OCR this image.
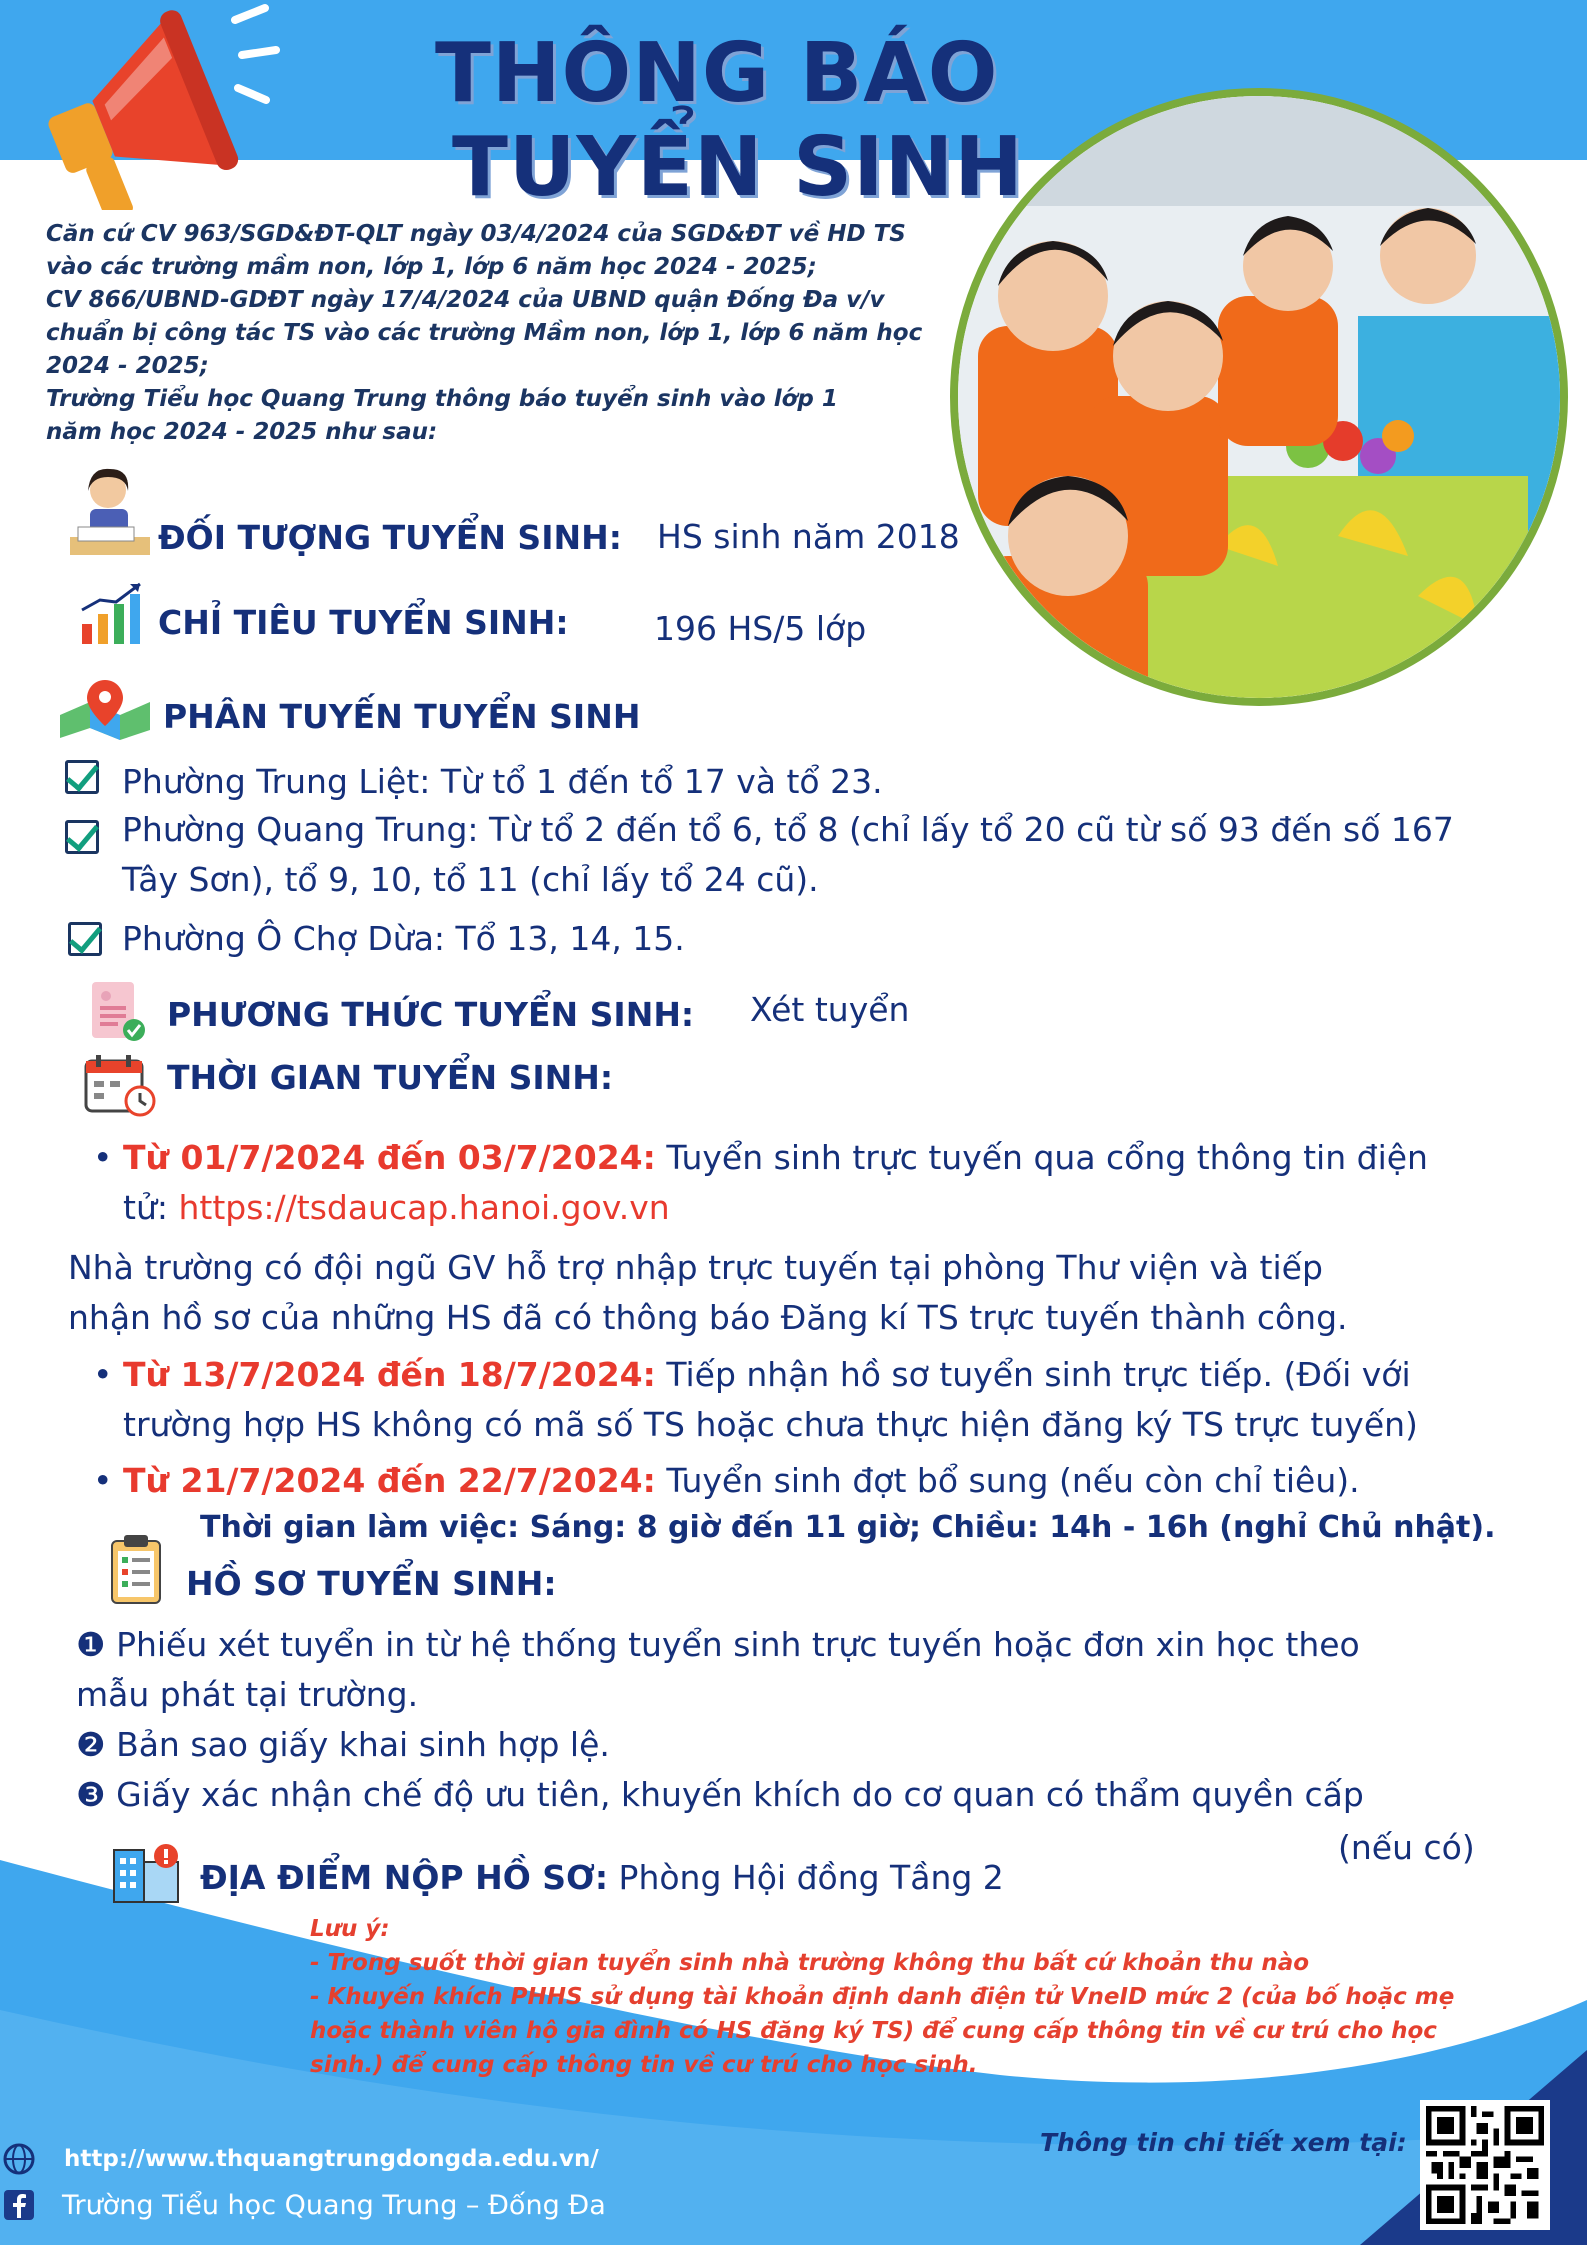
THÔNG BÁO
TUYỂN SINH
Căn cứ CV 963/SGD&ĐT-QLT ngày 03/4/2024 của SGD&ĐT về HD TS
vào các trường mầm non, lớp 1, lớp 6 năm học 2024 - 2025;
CV 866/UBND-GDĐT ngày 17/4/2024 của UBND quận Đống Đa v/v
chuẩn bị công tác TS vào các trường Mầm non, lớp 1, lớp 6 năm học
2024 - 2025;
Trường Tiểu học Quang Trung thông báo tuyển sinh vào lớp 1
năm học 2024 - 2025 như sau:
ĐỐI TƯỢNG TUYỂN SINH: HS sinh năm 2018
CHỈ TIÊU TUYỂN SINH:	196 HS/5 lớp
PHÂN TUYẾN TUYỂN SINH
Phường Trung Liệt: Từ tổ 1 đến tổ 17 và tổ 23.
Phường Quang Trung: Từ tổ 2 đến tổ 6, tổ 8 (chỉ lấy tổ 20 cũ từ số 93 đến số 167
Tây Sơn), tổ 9, 10, tổ 11 (chỉ lấy tổ 24 cũ).
Phường Ô Chợ Dừa: Tổ 13, 14, 15.
PHƯƠNG THỨC TUYỂN SINH: Xét tuyển
THỜI GIAN TUYỂN SINH:
• Từ 01/7/2024 đến 03/7/2024: Tuyển sinh trực tuyến qua cổng thông tin điện
tử: https://tsdaucap.hanoi.gov.vn
Nhà trường có đội ngũ GV hỗ trợ nhập trực tuyến tại phòng Thư viện và tiếp
nhận hồ sơ của những HS đã có thông báo Đăng kí TS trực tuyến thành công.
• Từ 13/7/2024 đến 18/7/2024: Tiếp nhận hồ sơ tuyển sinh trực tiếp. (Đối với
trường hợp HS không có mã số TS hoặc chưa thực hiện đăng ký TS trực tuyến)
• Từ 21/7/2024 đến 22/7/2024: Tuyển sinh đợt bổ sung (nếu còn chỉ tiêu).
Thời gian làm việc: Sáng: 8 giờ đến 11 giờ; Chiều: 14h - 16h (nghỉ Chủ nhật).
HỒ SƠ TUYỂN SINH:
❶ Phiếu xét tuyển in từ hệ thống tuyển sinh trực tuyến hoặc đơn xin học theo
mẫu phát tại trường.
❷ Bản sao giấy khai sinh hợp lệ.
❸ Giấy xác nhận chế độ ưu tiên, khuyến khích do cơ quan có thẩm quyền cấp
(nếu có)
ĐỊA ĐIỂM NỘP HỒ SƠ: Phòng Hội đồng Tầng 2
Lưu ý:
- Trong suốt thời gian tuyển sinh nhà trường không thu bất cứ khoản thu nào
- Khuyến khích PHHS sử dụng tài khoản định danh điện tử VneID mức 2 (của bố hoặc mẹ
hoặc thành viên hộ gia đình có HS đăng ký TS) để cung cấp thông tin về cư trú cho học
sinh.) để cung cấp thông tin về cư trú cho học sinh.
http://www.thquangtrungdongda.edu.vn/
Trường Tiểu học Quang Trung – Đống Đa
Thông tin chi tiết xem tại:
